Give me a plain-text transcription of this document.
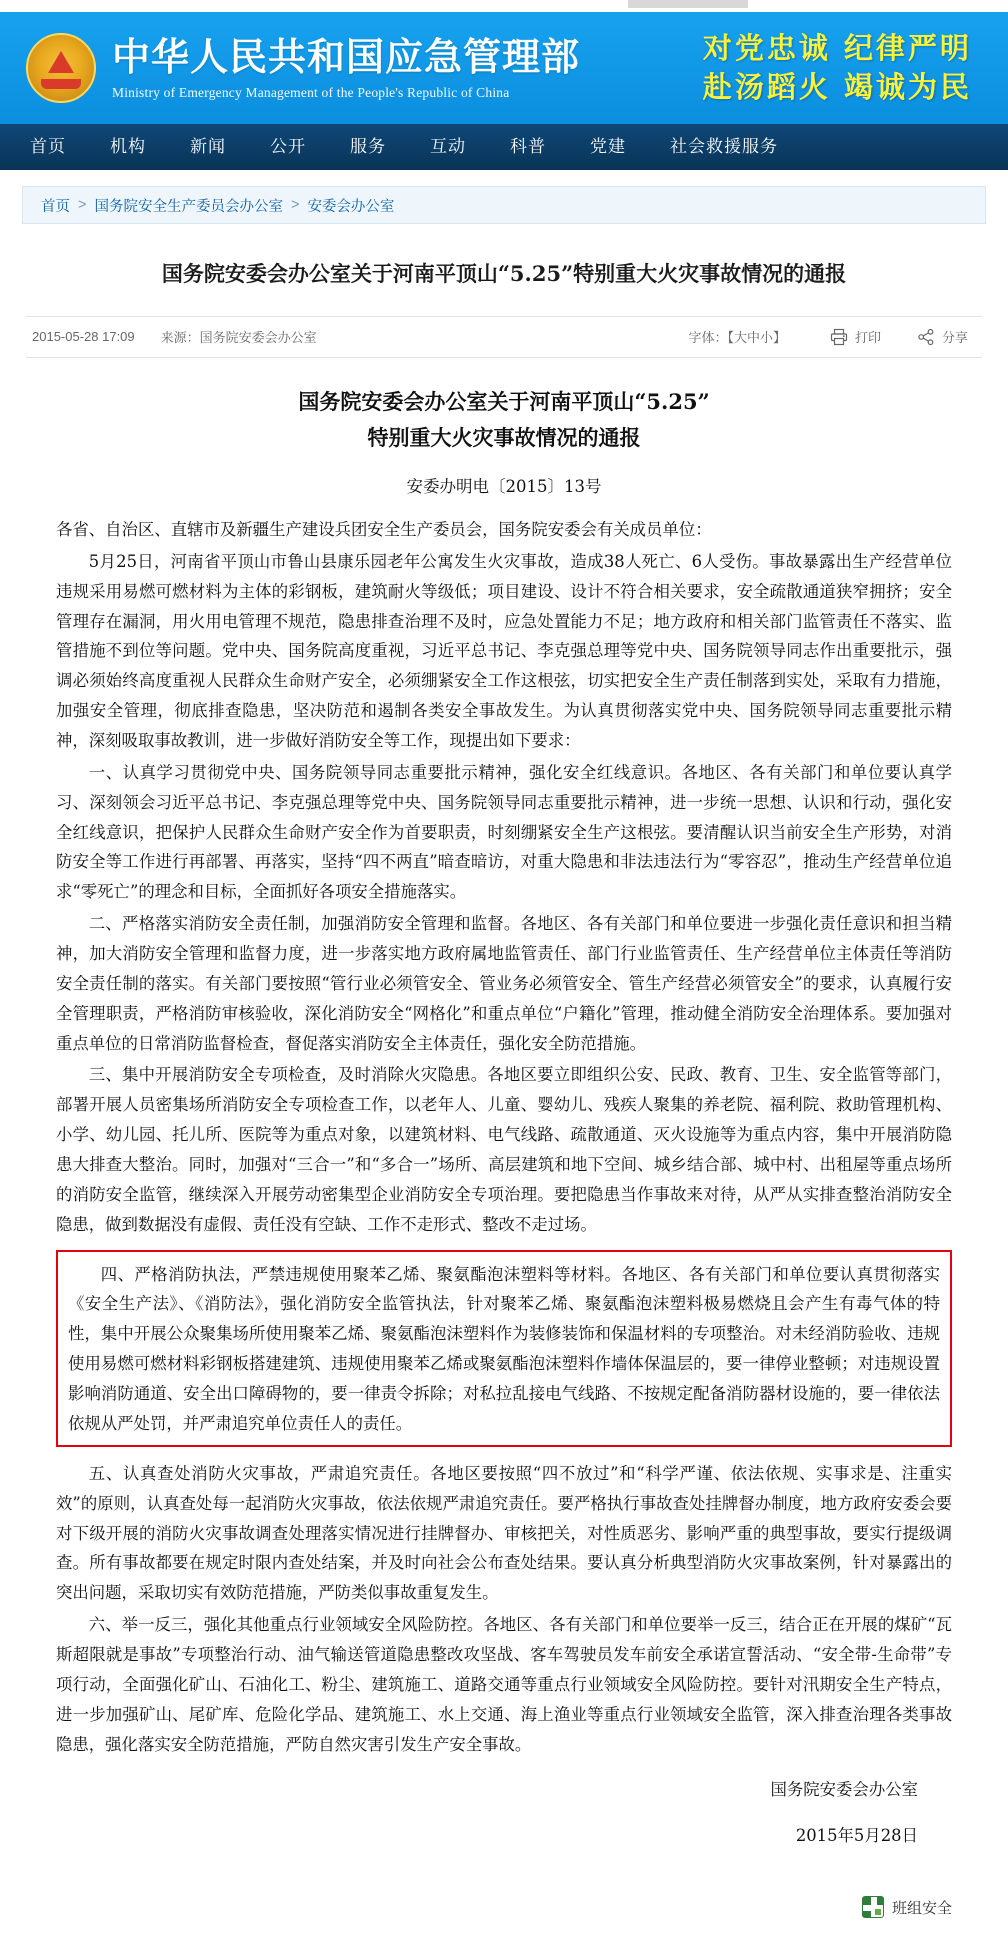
中华人民共和国应急管理部
Ministry of Emergency Management of the People's Republic of China
对党忠诚 纪律严明
赴汤蹈火 竭诚为民
首页	机构	新闻	公开	服务	互动	科普	党建	社会救援服务
首页 > 国务院安全生产委员会办公室 > 安委会办公室
国务院安委会办公室关于河南平顶山“5.25”特别重大火灾事故情况的通报
2015-05-28 17:09 来源： 国务院安委会办公室	字体：【大中小】	打印	分享
国务院安委会办公室关于河南平顶山“5.25”
特别重大火灾事故情况的通报
安委办明电〔2015〕13号

各省、自治区、直辖市及新疆生产建设兵团安全生产委员会，国务院安委会有关成员单位：

5月25日，河南省平顶山市鲁山县康乐园老年公寓发生火灾事故，造成38人死亡、6人受伤。事故暴露出生产经营单位违规采用易燃可燃材料为主体的彩钢板，建筑耐火等级低；项目建设、设计不符合相关要求，安全疏散通道狭窄拥挤；安全管理存在漏洞，用火用电管理不规范，隐患排查治理不及时，应急处置能力不足；地方政府和相关部门监管责任不落实、监管措施不到位等问题。党中央、国务院高度重视，习近平总书记、李克强总理等党中央、国务院领导同志作出重要批示，强调必须始终高度重视人民群众生命财产安全，必须绷紧安全工作这根弦，切实把安全生产责任制落到实处，采取有力措施，加强安全管理，彻底排查隐患，坚决防范和遏制各类安全事故发生。为认真贯彻落实党中央、国务院领导同志重要批示精神，深刻吸取事故教训，进一步做好消防安全等工作，现提出如下要求：

一、认真学习贯彻党中央、国务院领导同志重要批示精神，强化安全红线意识。各地区、各有关部门和单位要认真学习、深刻领会习近平总书记、李克强总理等党中央、国务院领导同志重要批示精神，进一步统一思想、认识和行动，强化安全红线意识，把保护人民群众生命财产安全作为首要职责，时刻绷紧安全生产这根弦。要清醒认识当前安全生产形势，对消防安全等工作进行再部署、再落实，坚持“四不两直”暗查暗访，对重大隐患和非法违法行为“零容忍”，推动生产经营单位追求“零死亡”的理念和目标，全面抓好各项安全措施落实。

二、严格落实消防安全责任制，加强消防安全管理和监督。各地区、各有关部门和单位要进一步强化责任意识和担当精神，加大消防安全管理和监督力度，进一步落实地方政府属地监管责任、部门行业监管责任、生产经营单位主体责任等消防安全责任制的落实。有关部门要按照“管行业必须管安全、管业务必须管安全、管生产经营必须管安全”的要求，认真履行安全管理职责，严格消防审核验收，深化消防安全“网格化”和重点单位“户籍化”管理，推动健全消防安全治理体系。要加强对重点单位的日常消防监督检查，督促落实消防安全主体责任，强化安全防范措施。

三、集中开展消防安全专项检查，及时消除火灾隐患。各地区要立即组织公安、民政、教育、卫生、安全监管等部门，部署开展人员密集场所消防安全专项检查工作，以老年人、儿童、婴幼儿、残疾人聚集的养老院、福利院、救助管理机构、小学、幼儿园、托儿所、医院等为重点对象，以建筑材料、电气线路、疏散通道、灭火设施等为重点内容，集中开展消防隐患大排查大整治。同时，加强对“三合一”和“多合一”场所、高层建筑和地下空间、城乡结合部、城中村、出租屋等重点场所的消防安全监管，继续深入开展劳动密集型企业消防安全专项治理。要把隐患当作事故来对待，从严从实排查整治消防安全隐患，做到数据没有虚假、责任没有空缺、工作不走形式、整改不走过场。

四、严格消防执法，严禁违规使用聚苯乙烯、聚氨酯泡沫塑料等材料。各地区、各有关部门和单位要认真贯彻落实《安全生产法》、《消防法》，强化消防安全监管执法，针对聚苯乙烯、聚氨酯泡沫塑料极易燃烧且会产生有毒气体的特性，集中开展公众聚集场所使用聚苯乙烯、聚氨酯泡沫塑料作为装修装饰和保温材料的专项整治。对未经消防验收、违规使用易燃可燃材料彩钢板搭建建筑、违规使用聚苯乙烯或聚氨酯泡沫塑料作墙体保温层的，要一律停业整顿；对违规设置影响消防通道、安全出口障碍物的，要一律责令拆除；对私拉乱接电气线路、不按规定配备消防器材设施的，要一律依法依规从严处罚，并严肃追究单位责任人的责任。

五、认真查处消防火灾事故，严肃追究责任。各地区要按照“四不放过”和“科学严谨、依法依规、实事求是、注重实效”的原则，认真查处每一起消防火灾事故，依法依规严肃追究责任。要严格执行事故查处挂牌督办制度，地方政府安委会要对下级开展的消防火灾事故调查处理落实情况进行挂牌督办、审核把关，对性质恶劣、影响严重的典型事故，要实行提级调查。所有事故都要在规定时限内查处结案，并及时向社会公布查处结果。要认真分析典型消防火灾事故案例，针对暴露出的突出问题，采取切实有效防范措施，严防类似事故重复发生。

六、举一反三，强化其他重点行业领域安全风险防控。各地区、各有关部门和单位要举一反三，结合正在开展的煤矿“瓦斯超限就是事故”专项整治行动、油气输送管道隐患整改攻坚战、客车驾驶员发车前安全承诺宣誓活动、“安全带-生命带”专项行动，全面强化矿山、石油化工、粉尘、建筑施工、道路交通等重点行业领域安全风险防控。要针对汛期安全生产特点，进一步加强矿山、尾矿库、危险化学品、建筑施工、水上交通、海上渔业等重点行业领域安全监管，深入排查治理各类事故隐患，强化落实安全防范措施，严防自然灾害引发生产安全事故。

国务院安委会办公室
2015年5月28日
班组安全
